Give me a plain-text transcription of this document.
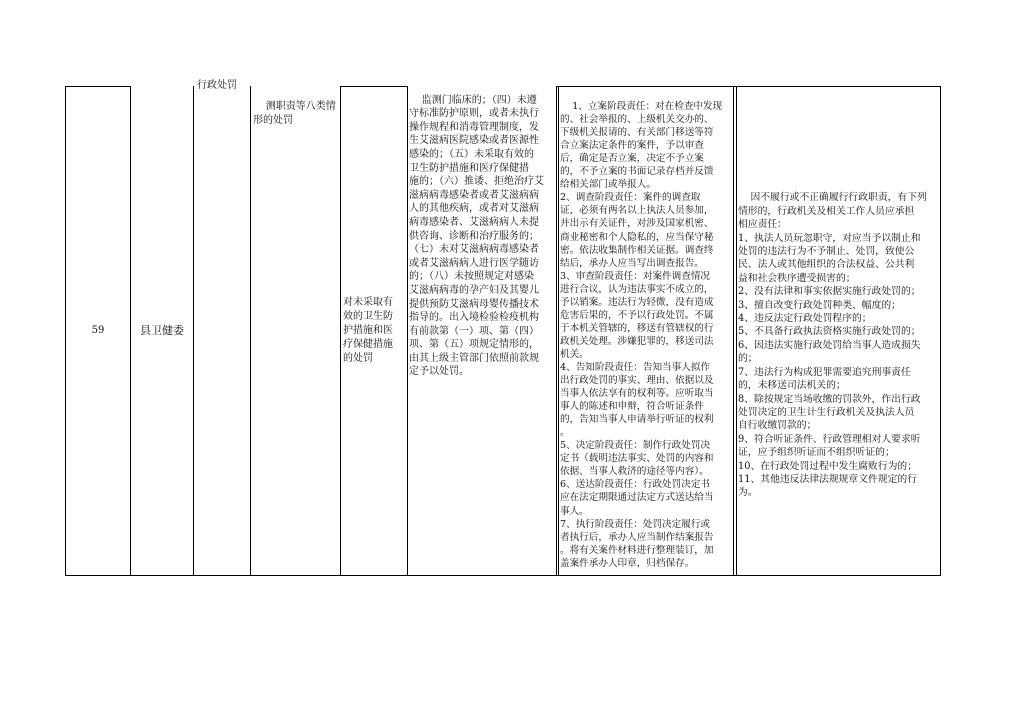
59	县卫健委
行政处罚

测职责等八类情
形的处罚

对未采取有
效的卫生防
护措施和医
疗保健措施
的处罚

监测门临床的；（四）未遵
守标准防护原则，或者未执行
操作规程和消毒管理制度，发
生艾滋病医院感染或者医源性
感染的；（五）未采取有效的
卫生防护措施和医疗保健措
施的；（六）推诿、拒绝治疗艾
滋病病毒感染者或者艾滋病病
人的其他疾病，或者对艾滋病
病毒感染者、艾滋病病人未提
供咨询、诊断和治疗服务的；
（七）未对艾滋病病毒感染者
或者艾滋病病人进行医学随访
的；（八）未按照规定对感染
艾滋病病毒的孕产妇及其婴儿
提供预防艾滋病母婴传播技术
指导的。出入境检验检疫机构
有前款第（一）项、第（四）
项、第（五）项规定情形的，
由其上级主管部门依照前款规
定予以处罚。

1、立案阶段责任：对在检查中发现
的、社会举报的、上级机关交办的、
下级机关报请的、有关部门移送等符
合立案法定条件的案件，予以审查
后，确定是否立案，决定不予立案
的，不予立案的书面记录存档并反馈
给相关部门或举报人。
2、调查阶段责任：案件的调查取
证，必须有两名以上执法人员参加，
并出示有关证件，对涉及国家机密、
商业秘密和个人隐私的，应当保守秘
密。依法收集制作相关证据。调查终
结后，承办人应当写出调查报告。
3、审查阶段责任：对案件调查情况
进行合议，认为违法事实不成立的，
予以销案。违法行为轻微，没有造成
危害后果的，不予以行政处罚。不属
于本机关管辖的，移送有管辖权的行
政机关处理。涉嫌犯罪的，移送司法
机关。
4、告知阶段责任：告知当事人拟作
出行政处罚的事实、理由、依据以及
当事人依法享有的权利等。应听取当
事人的陈述和申辩，符合听证条件
的，告知当事人申请举行听证的权利
。
5、决定阶段责任：制作行政处罚决
定书（载明违法事实、处罚的内容和
依据、当事人救济的途径等内容）。
6、送达阶段责任：行政处罚决定书
应在法定期限通过法定方式送达给当
事人。
7、执行阶段责任：处罚决定履行或
者执行后，承办人应当制作结案报告
。将有关案件材料进行整理装订，加
盖案件承办人印章，归档保存。

因不履行或不正确履行行政职责，有下列
情形的，行政机关及相关工作人员应承担
相应责任：
1、执法人员玩忽职守，对应当予以制止和
处罚的违法行为不予制止、处罚，致使公
民、法人或其他组织的合法权益、公共利
益和社会秩序遭受损害的；
2、没有法律和事实依据实施行政处罚的；
3、擅自改变行政处罚种类、幅度的；
4、违反法定行政处罚程序的；
5、不具备行政执法资格实施行政处罚的；
6、因违法实施行政处罚给当事人造成损失
的；
7、违法行为构成犯罪需要追究刑事责任
的，未移送司法机关的；
8、除按规定当场收缴的罚款外，作出行政
处罚决定的卫生计生行政机关及执法人员
自行收缴罚款的；
9、符合听证条件、行政管理相对人要求听
证，应予组织听证而不组织听证的；
10、在行政处罚过程中发生腐败行为的；
11、其他违反法律法规规章文件规定的行
为。
